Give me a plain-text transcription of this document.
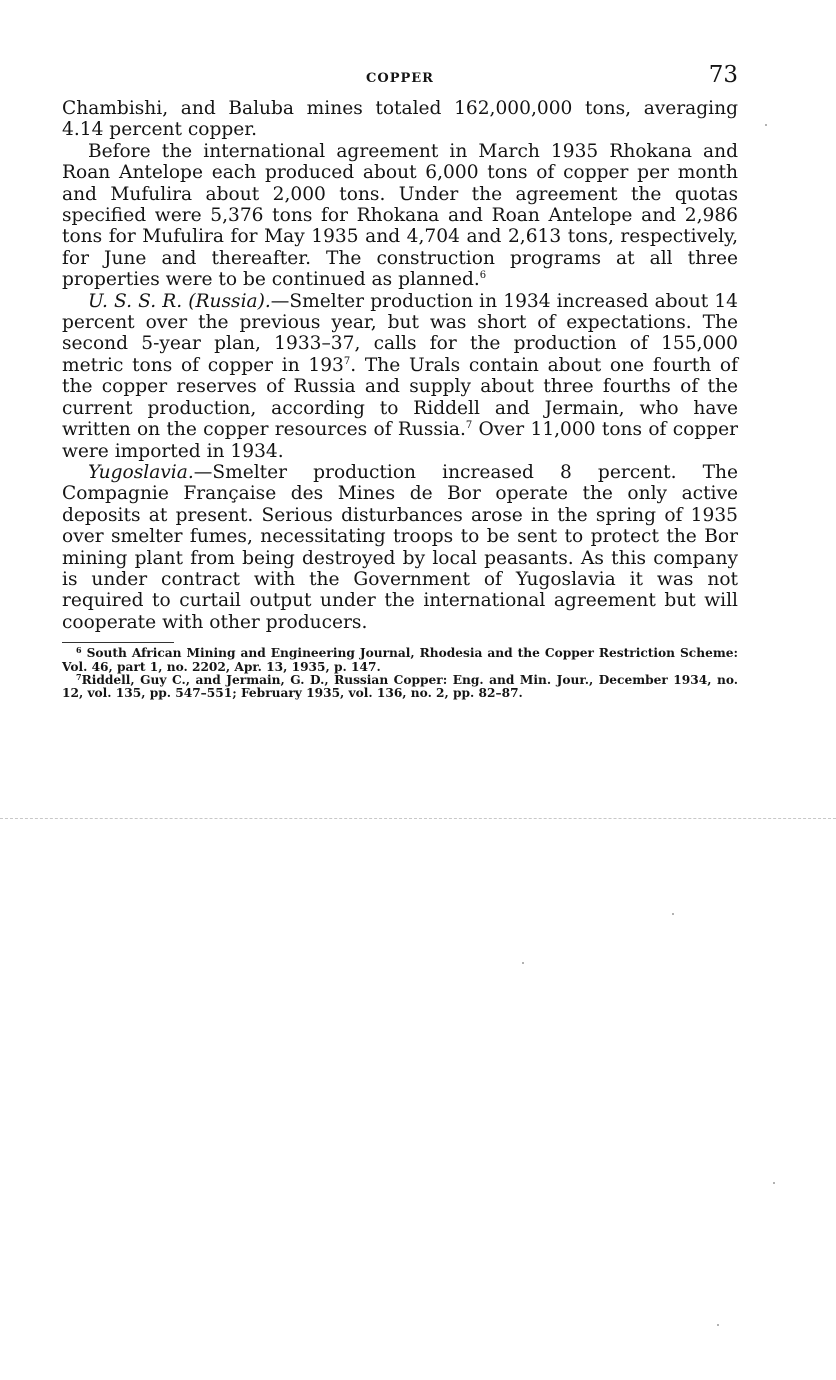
COPPER	73

Chambishi, and Baluba mines totaled 162,000,000 tons, averaging 4.14 percent copper.

Before the international agreement in March 1935 Rhokana and Roan Antelope each produced about 6,000 tons of copper per month and Mufulira about 2,000 tons. Under the agreement the quotas specified were 5,376 tons for Rhokana and Roan Antelope and 2,986 tons for Mufulira for May 1935 and 4,704 and 2,613 tons, respectively, for June and thereafter. The construction programs at all three properties were to be continued as planned.$^6$

U. S. S. R. (Russia).—Smelter production in 1934 increased about 14 percent over the previous year, but was short of expectations. The second 5-year plan, 1933–37, calls for the production of 155,000 metric tons of copper in $193^7$. The Urals contain about one fourth of the copper reserves of Russia and supply about three fourths of the current production, according to Riddell and Jermain, who have written on the copper resources of Russia.$^7$ Over 11,000 tons of copper were imported in 1934.

Yugoslavia.—Smelter production increased 8 percent. The Compagnie Française des Mines de Bor operate the only active deposits at present. Serious disturbances arose in the spring of 1935 over smelter fumes, necessitating troops to be sent to protect the Bor mining plant from being destroyed by local peasants. As this company is under contract with the Government of Yugoslavia it was not required to curtail output under the international agreement but will cooperate with other producers.

$^6$ South African Mining and Engineering Journal, Rhodesia and the Copper Restriction Scheme: Vol. 46, part 1, no. 2202, Apr. 13, 1935, p. 147.

$^7$Riddell, Guy C., and Jermain, G. D., Russian Copper: Eng. and Min. Jour., December 1934, no. 12, vol. 135, pp. 547–551; February 1935, vol. 136, no. 2, pp. 82–87.
